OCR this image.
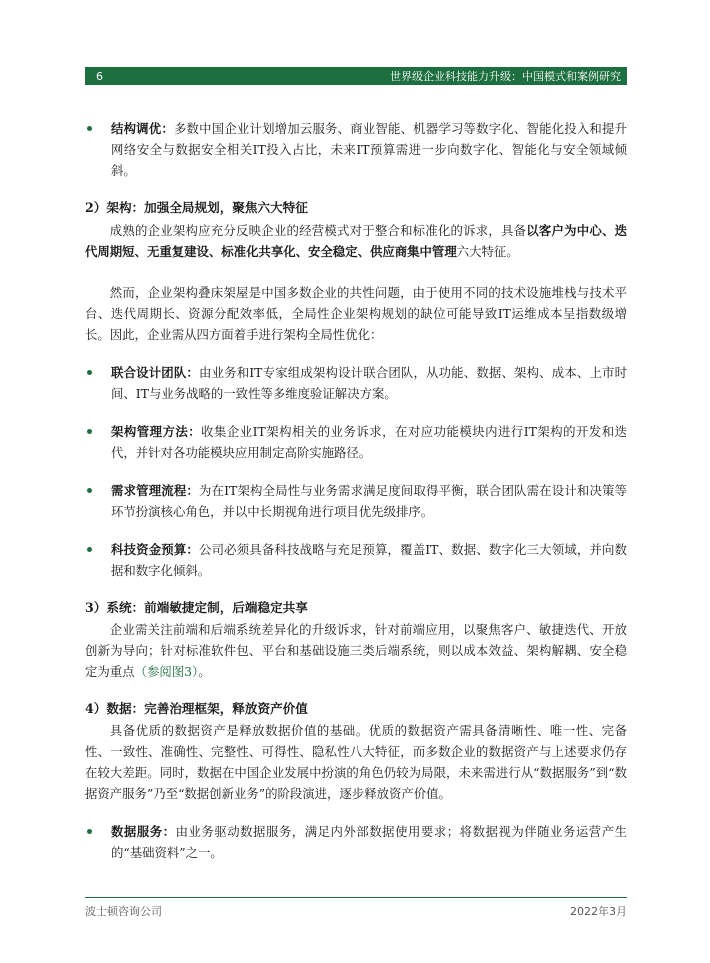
6	世界级企业科技能力升级：中国模式和案例研究

结构调优：多数中国企业计划增加云服务、商业智能、机器学习等数字化、智能化投入和提升网络安全与数据安全相关IT投入占比，未来IT预算需进一步向数字化、智能化与安全领域倾斜。

2）架构：加强全局规划，聚焦六大特征

成熟的企业架构应充分反映企业的经营模式对于整合和标准化的诉求，具备以客户为中心、迭代周期短、无重复建设、标准化共享化、安全稳定、供应商集中管理六大特征。

然而，企业架构叠床架屋是中国多数企业的共性问题，由于使用不同的技术设施堆栈与技术平台、迭代周期长、资源分配效率低，全局性企业架构规划的缺位可能导致IT运维成本呈指数级增长。因此，企业需从四方面着手进行架构全局性优化：

联合设计团队：由业务和IT专家组成架构设计联合团队，从功能、数据、架构、成本、上市时间、IT与业务战略的一致性等多维度验证解决方案。

架构管理方法：收集企业IT架构相关的业务诉求，在对应功能模块内进行IT架构的开发和迭代，并针对各功能模块应用制定高阶实施路径。

需求管理流程：为在IT架构全局性与业务需求满足度间取得平衡，联合团队需在设计和决策等环节扮演核心角色，并以中长期视角进行项目优先级排序。

科技资金预算：公司必须具备科技战略与充足预算，覆盖IT、数据、数字化三大领域，并向数据和数字化倾斜。

3）系统：前端敏捷定制，后端稳定共享

企业需关注前端和后端系统差异化的升级诉求，针对前端应用，以聚焦客户、敏捷迭代、开放创新为导向；针对标准软件包、平台和基础设施三类后端系统，则以成本效益、架构解耦、安全稳定为重点（参阅图3）。

4）数据：完善治理框架，释放资产价值

具备优质的数据资产是释放数据价值的基础。优质的数据资产需具备清晰性、唯一性、完备性、一致性、准确性、完整性、可得性、隐私性八大特征，而多数企业的数据资产与上述要求仍存在较大差距。同时，数据在中国企业发展中扮演的角色仍较为局限，未来需进行从“数据服务”到“数据资产服务”乃至“数据创新业务”的阶段演进，逐步释放资产价值。

数据服务：由业务驱动数据服务，满足内外部数据使用要求；将数据视为伴随业务运营产生的“基础资料”之一。

波士顿咨询公司	2022年3月
